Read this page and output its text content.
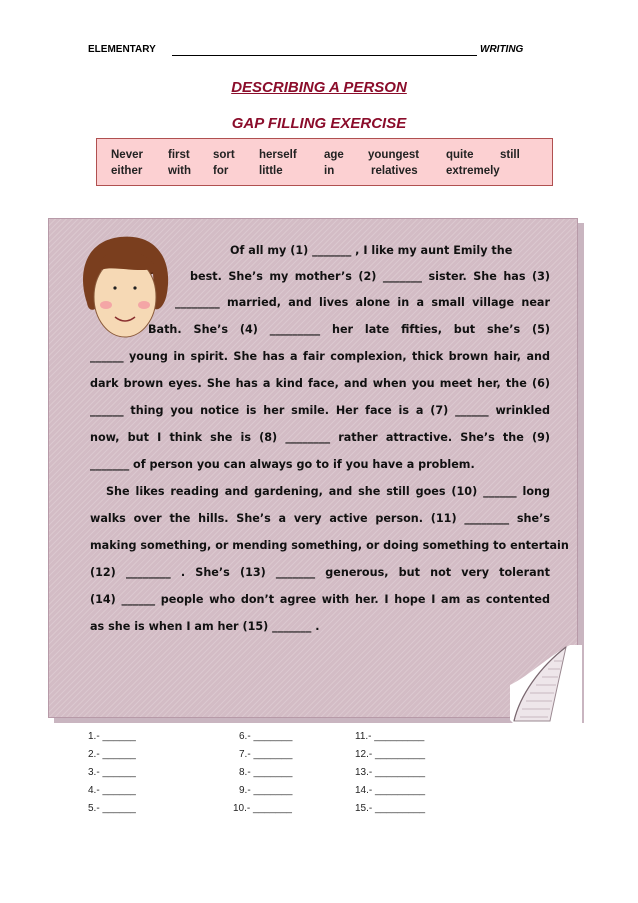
ELEMENTARY	WRITING
DESCRIBING A PERSON
GAP FILLING EXERCISE
Never first sort herself age youngest quite still
either with for	little	in	relatives extremely
Of all my (1) _______ , I like my aunt Emily the
best. She’s my mother’s (2) _______ sister. She has (3)
________ married, and lives alone in a small village near
Bath. She’s (4) _________ her late fifties, but she’s (5)
______ young in spirit. She has a fair complexion, thick brown hair, and
dark brown eyes. She has a kind face, and when you meet her, the (6)
______ thing you notice is her smile. Her face is a (7) ______ wrinkled
now, but I think she is (8) ________ rather attractive. She’s the (9)
_______ of person you can always go to if you have a problem.
She likes reading and gardening, and she still goes (10) ______ long
walks over the hills. She’s a very active person. (11) ________ she’s
making something, or mending something, or doing something to entertain
(12) ________ . She’s (13) _______ generous, but not very tolerant
(14) ______ people who don’t agree with her. I hope I am as contented
as she is when I am her (15) _______ .
1.- ______
2.- ______
3.- ______
4.- ______
5.- ______
6.- _______
7.- _______
8.- _______
9.- _______
10.- _______
11.- _________
12.- _________
13.- _________
14.- _________
15.- _________
